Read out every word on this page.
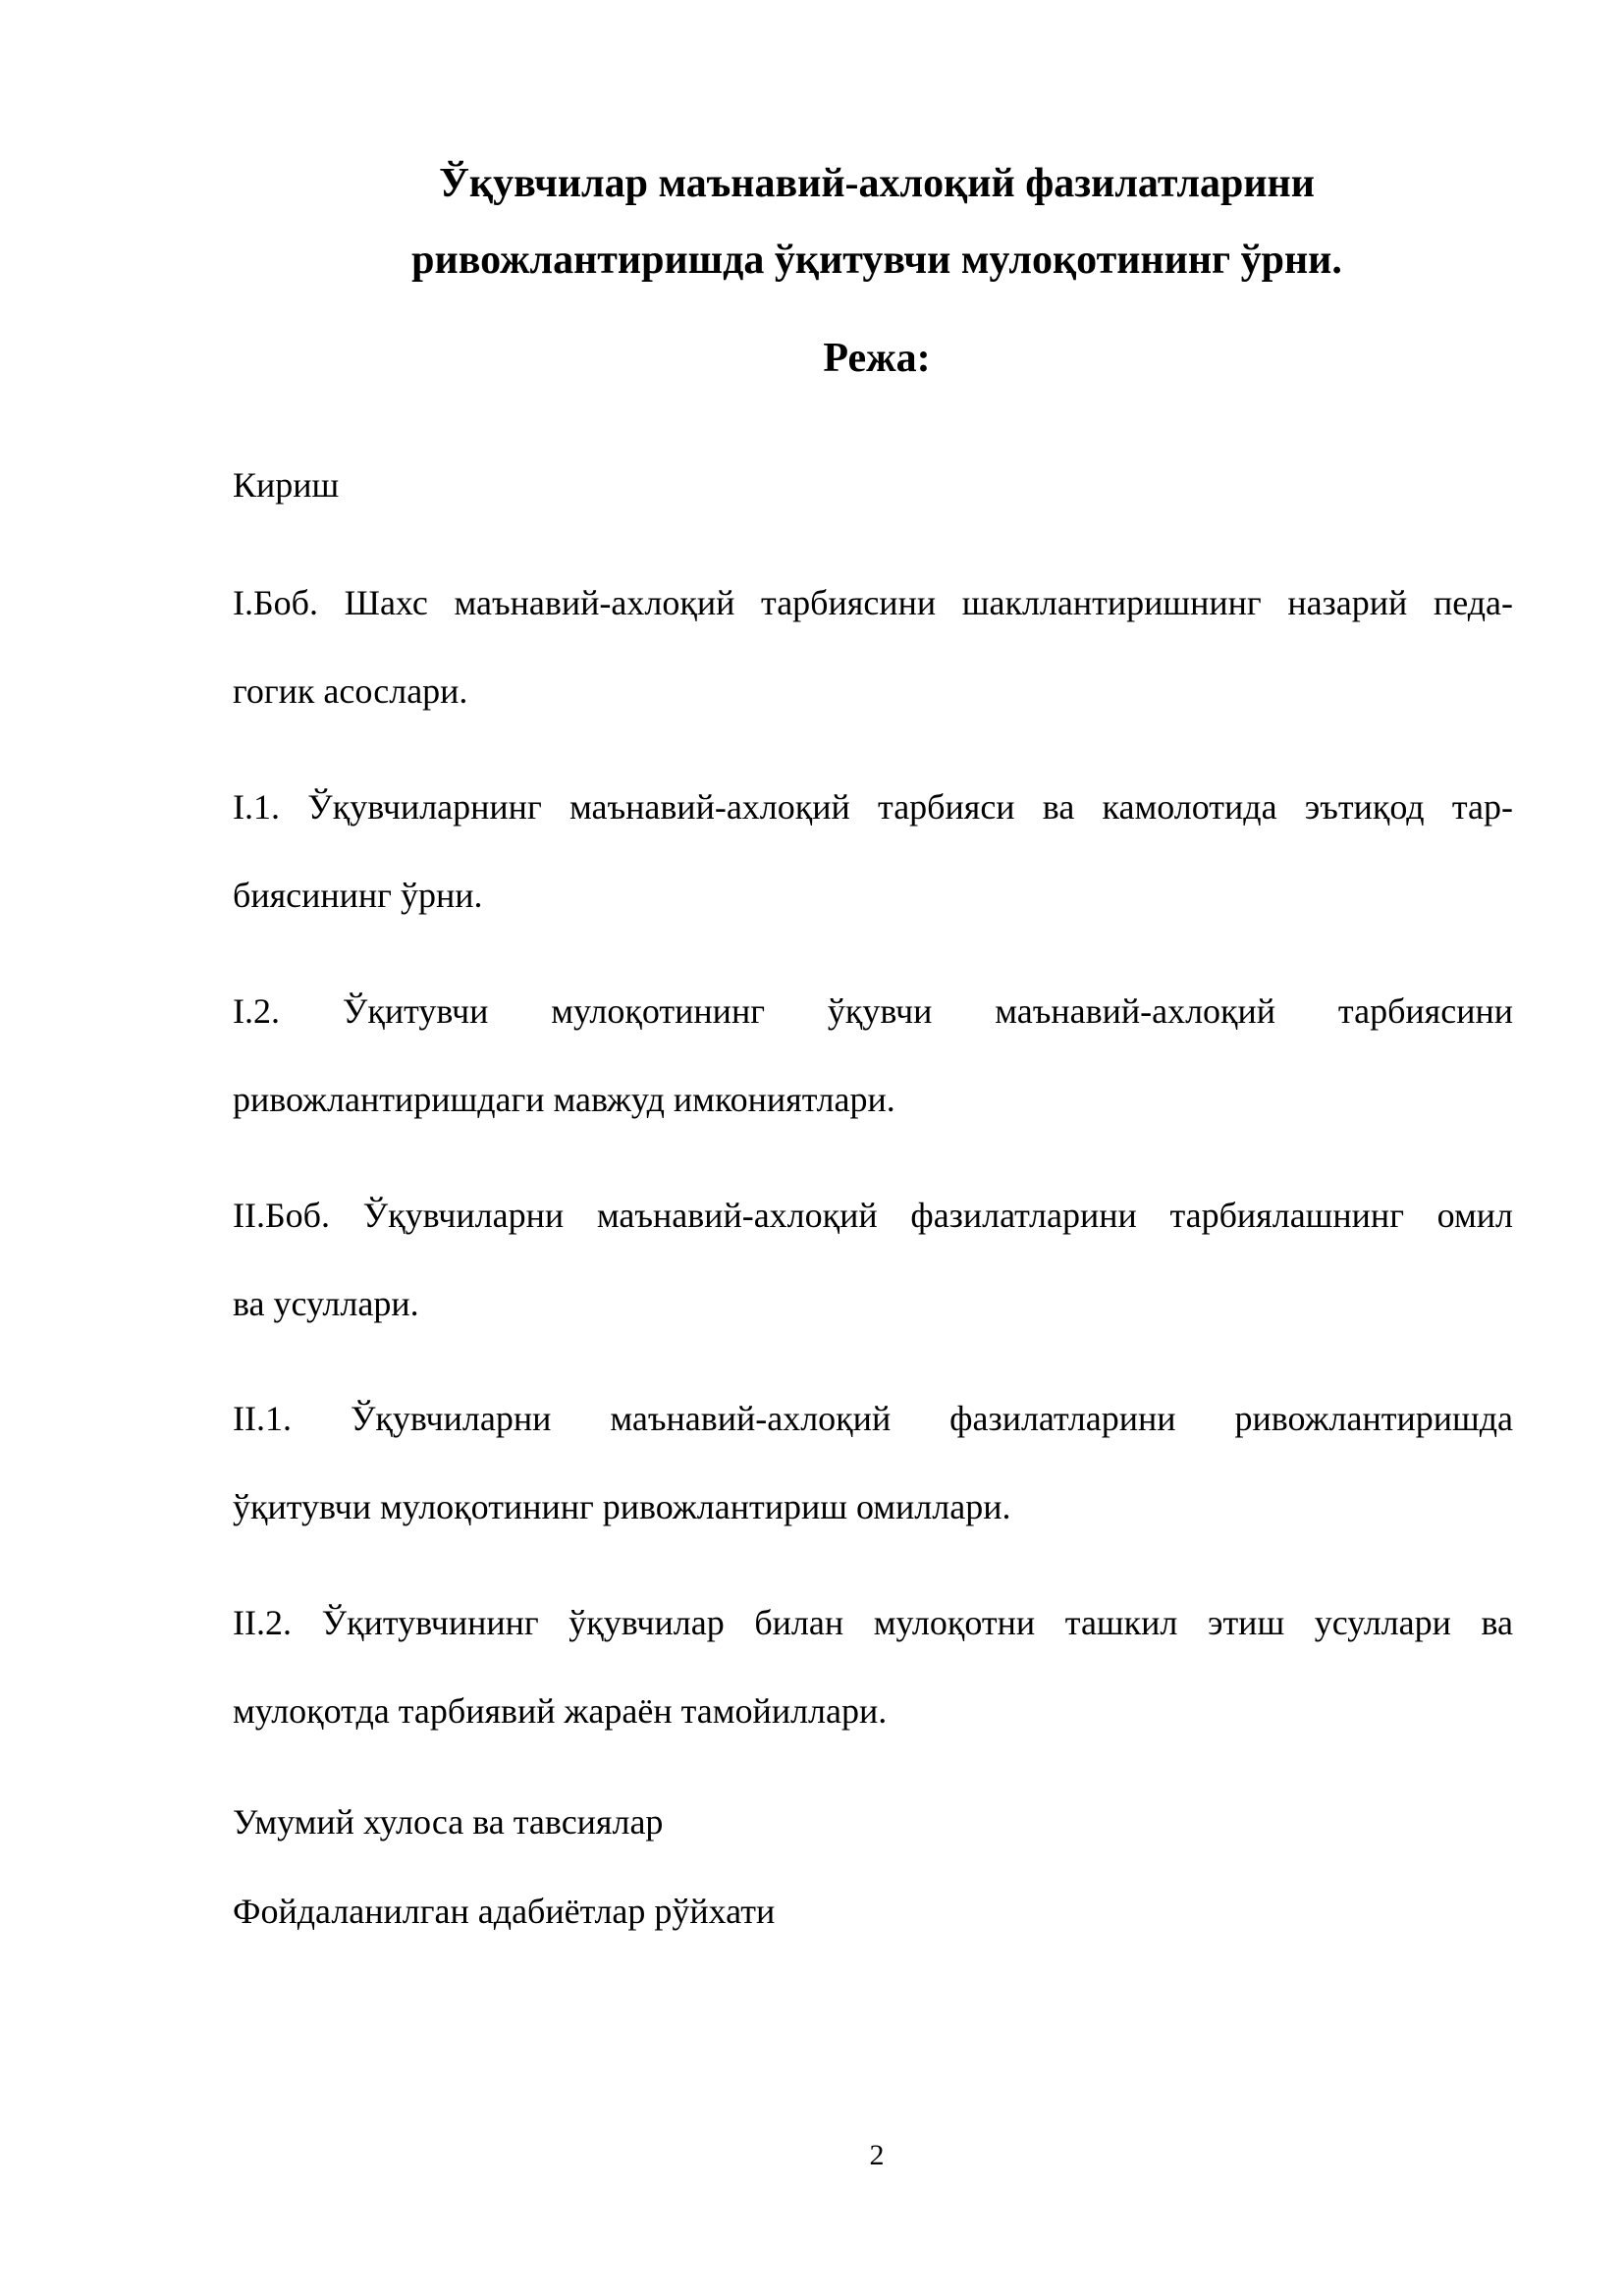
Ўқувчилар маънавий-ахлоқий фазилатларини
ривожлантиришда ўқитувчи мулоқотининг ўрни.
Режа:
Кириш
I.Боб. Шахс маънавий-ахлоқий тарбиясини шакллантиришнинг назарий педа-
гогик асослари.
I.1. Ўқувчиларнинг маънавий-ахлоқий тарбияси ва камолотида эътиқод тар-
биясининг ўрни.
I.2. Ўқитувчи мулоқотининг ўқувчи маънавий-ахлоқий тарбиясини
ривожлантиришдаги мавжуд имкониятлари.
II.Боб. Ўқувчиларни маънавий-ахлоқий фазилатларини тарбиялашнинг омил
ва усуллари.
II.1. Ўқувчиларни маънавий-ахлоқий фазилатларини ривожлантиришда
ўқитувчи мулоқотининг ривожлантириш омиллари.
II.2. Ўқитувчининг ўқувчилар билан мулоқотни ташкил этиш усуллари ва
мулоқотда тарбиявий жараён тамойиллари.
Умумий хулоса ва тавсиялар
Фойдаланилган адабиётлар рўйхати
2
